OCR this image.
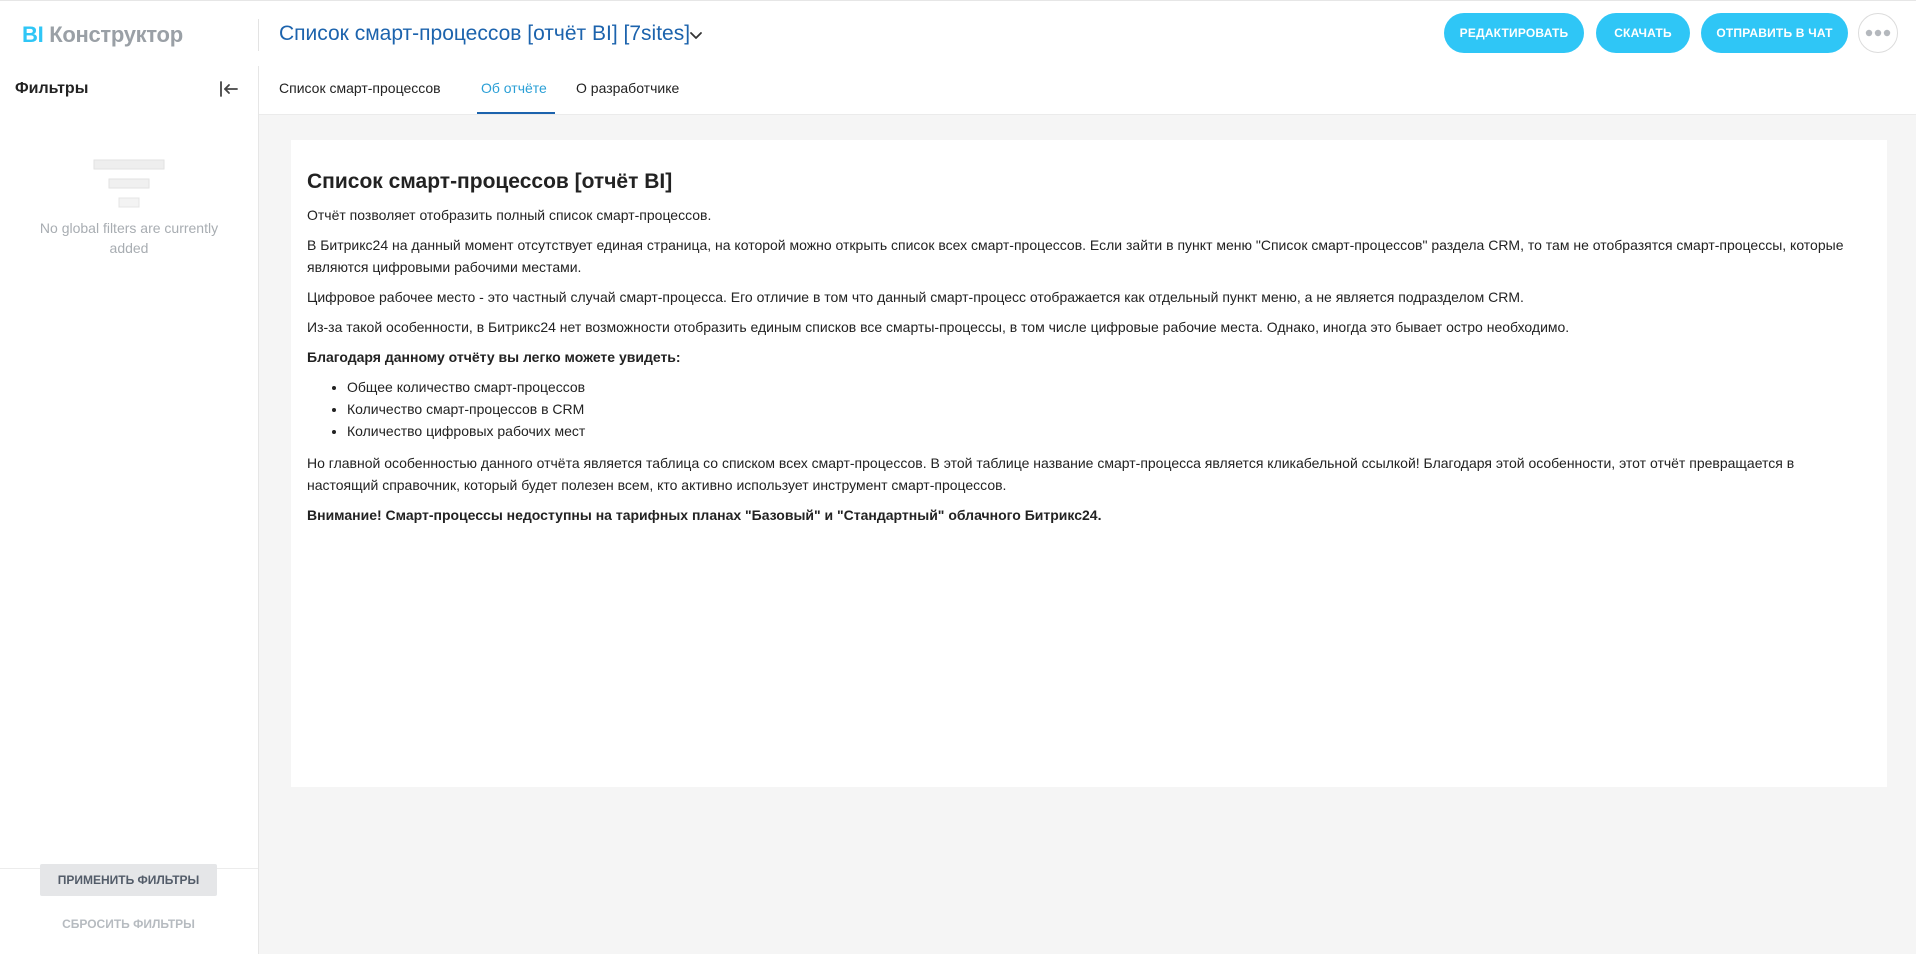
BI Конструктор	Список смарт-процессов [отчёт BI] [7sites]	РЕДАКТИРОВАТЬ	СКАЧАТЬ	ОТПРАВИТЬ В ЧАТ
Фильтры
No global filters are currently added
ПРИМЕНИТЬ ФИЛЬТРЫ
СБРОСИТЬ ФИЛЬТРЫ
Список смарт-процессов	Об отчёте О разработчике
Список смарт-процессов [отчёт BI]

Отчёт позволяет отобразить полный список смарт-процессов.

В Битрикс24 на данный момент отсутствует единая страница, на которой можно открыть список всех смарт-процессов. Если зайти в пункт меню "Список смарт-процессов" раздела CRM, то там не отобразятся смарт-процессы, которые являются цифровыми рабочими местами.

Цифровое рабочее место - это частный случай смарт-процесса. Его отличие в том что данный смарт-процесс отображается как отдельный пункт меню, а не является подразделом CRM.

Из-за такой особенности, в Битрикс24 нет возможности отобразить единым списков все смарты-процессы, в том числе цифровые рабочие места. Однако, иногда это бывает остро необходимо.

Благодаря данному отчёту вы легко можете увидеть:

• Общее количество смарт-процессов
• Количество смарт-процессов в CRM
• Количество цифровых рабочих мест

Но главной особенностью данного отчёта является таблица со списком всех смарт-процессов. В этой таблице название смарт-процесса является кликабельной ссылкой! Благодаря этой особенности, этот отчёт превращается в настоящий справочник, который будет полезен всем, кто активно использует инструмент смарт-процессов.

Внимание! Смарт-процессы недоступны на тарифных планах "Базовый" и "Стандартный" облачного Битрикс24.
